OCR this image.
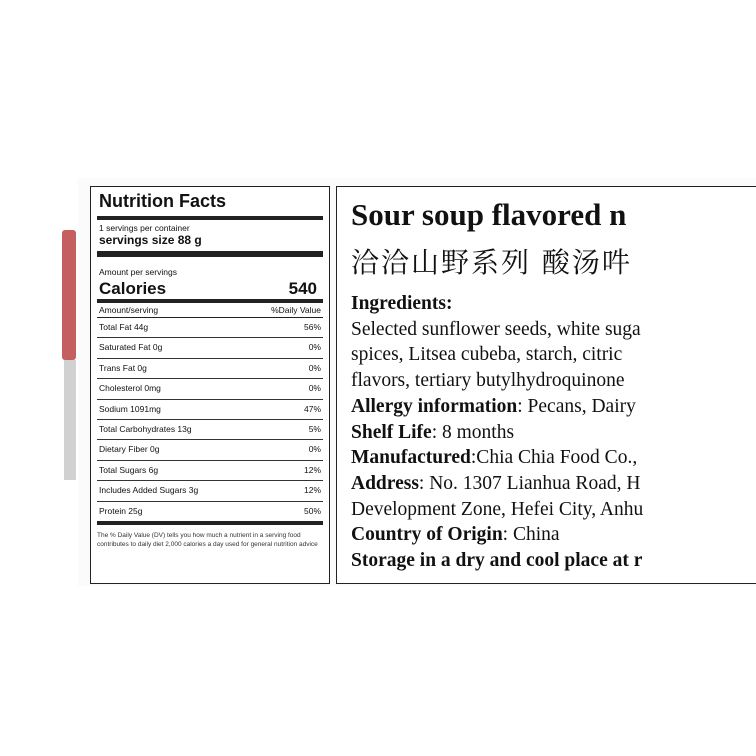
Nutrition Facts
1 servings per container
servings size 88 g
Amount per servings
Calories	540
Amount/serving	%Daily Value
Total Fat 44g	56%
Saturated Fat 0g	0%
Trans Fat 0g	0%
Cholesterol 0mg	0%
Sodium 1091mg	47%
Total Carbohydrates 13g	5%
Dietary Fiber 0g	0%
Total Sugars 6g	12%
Includes Added Sugars 3g	12%
Protein 25g	50%
The % Daily Value (DV) tells you how much a nutrient in a serving food contributes to daily diet 2,000 calories a day used for general nutrition advice
Sour soup flavored n
洽洽山野系列 酸汤吽
Ingredients:
Selected sunflower seeds, white suga
spices, Litsea cubeba, starch, citric
flavors, tertiary butylhydroquinone
Allergy information: Pecans, Dairy
Shelf Life: 8 months
Manufactured:Chia Chia Food Co.,
Address: No. 1307 Lianhua Road, H
Development Zone, Hefei City, Anhu
Country of Origin: China
Storage in a dry and cool place at r
